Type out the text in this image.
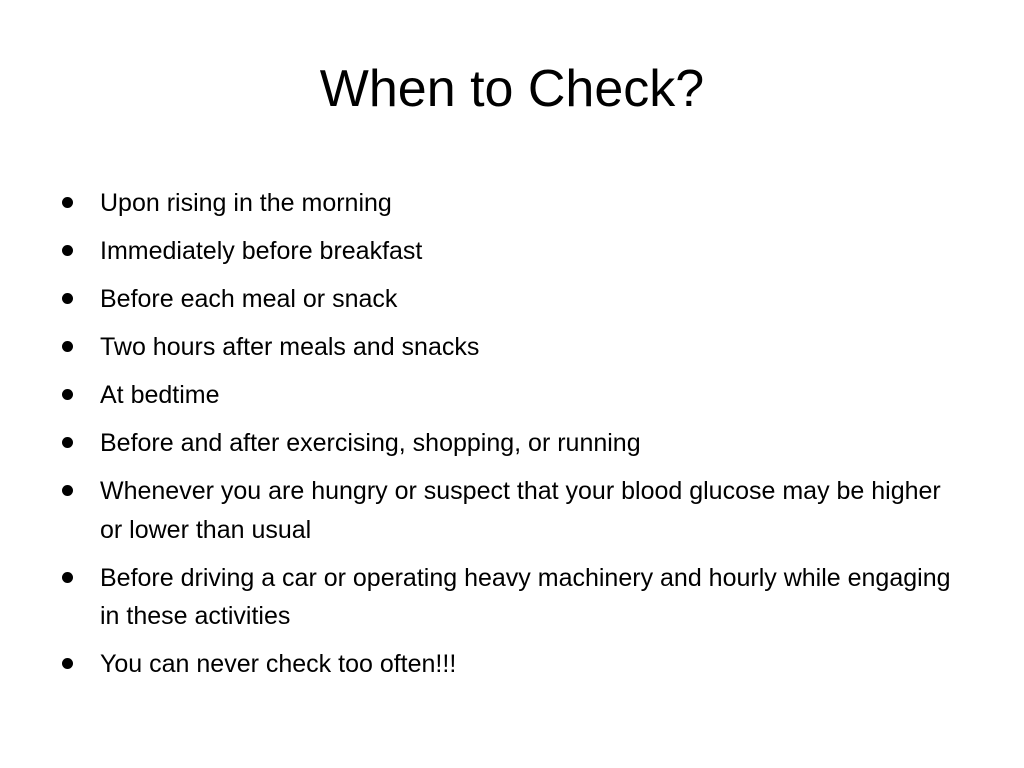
When to Check?
Upon rising in the morning
Immediately before breakfast
Before each meal or snack
Two hours after meals and snacks
At bedtime
Before and after exercising, shopping, or running
Whenever you are hungry or suspect that your blood glucose may be higher or lower than usual
Before driving a car or operating heavy machinery and hourly while engaging in these activities
You can never check too often!!!
